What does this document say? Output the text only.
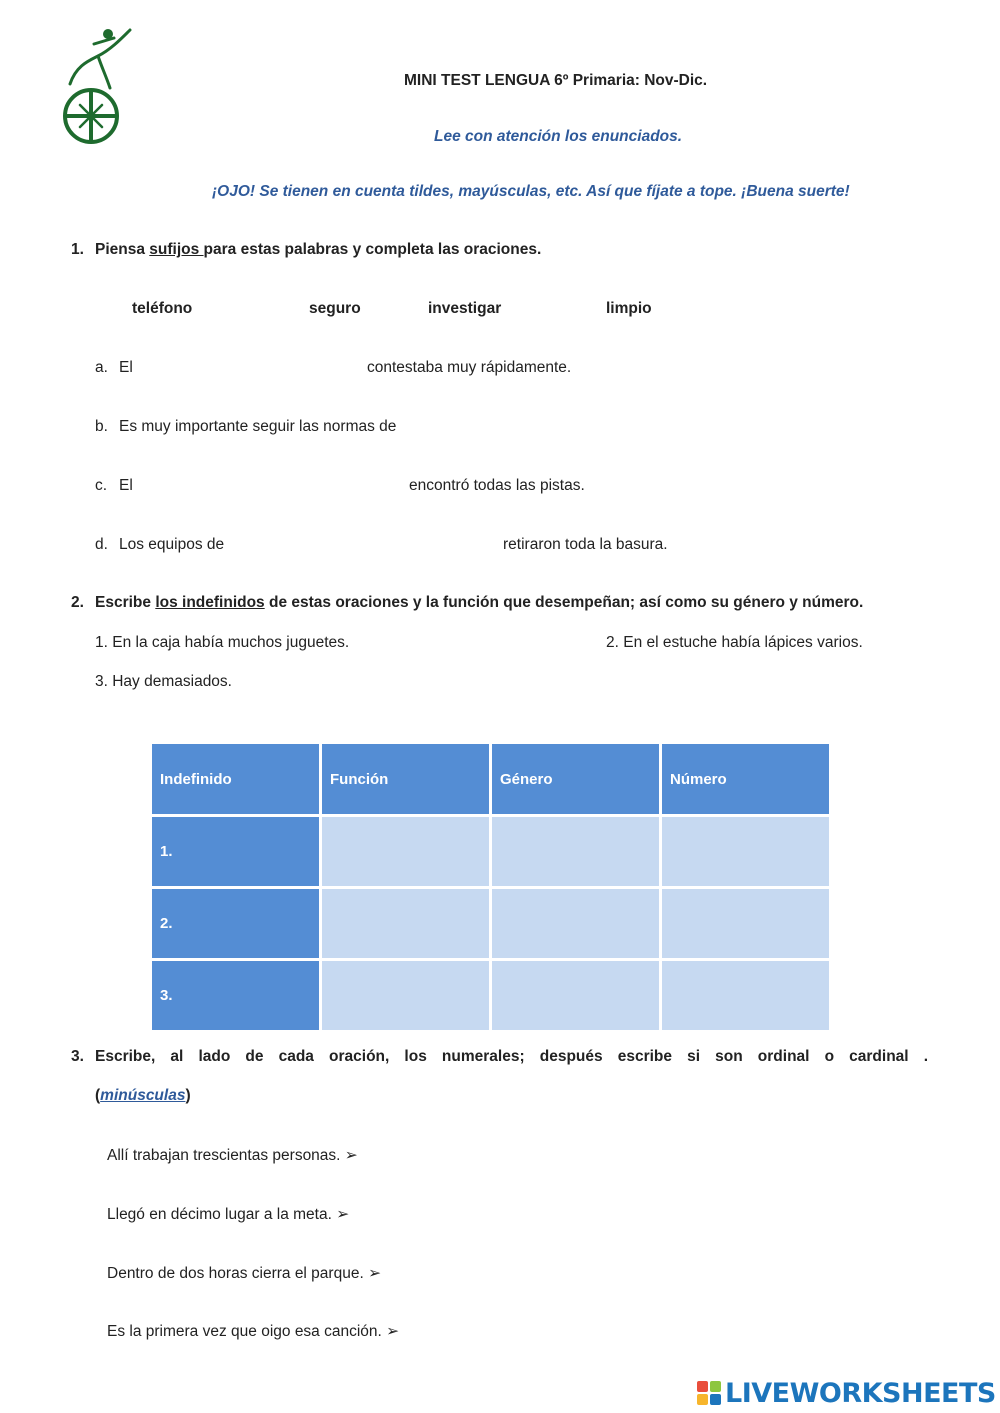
MINI TEST LENGUA 6º Primaria: Nov-Dic.
Lee con atención los enunciados.
¡OJO! Se tienen en cuenta tildes, mayúsculas, etc. Así que fíjate a tope. ¡Buena suerte!
1. Piensa sufijos para estas palabras y completa las oraciones.
teléfono	seguro	investigar	limpio
a. El	contestaba muy rápidamente.
b. Es muy importante seguir las normas de
c. El	encontró todas las pistas.
d. Los equipos de	retiraron toda la basura.
2. Escribe los indefinidos de estas oraciones y la función que desempeñan; así como su género y número.
1. En la caja había muchos juguetes.	2. En el estuche había lápices varios.
3. Hay demasiados.
Indefinido	Función	Género	Número
1.			
2.			
3.			
3. Escribe, al lado de cada oración, los numerales; después escribe si son ordinal o cardinal .
(minúsculas)
Allí trabajan trescientas personas. ➢
Llegó en décimo lugar a la meta. ➢
Dentro de dos horas cierra el parque. ➢
Es la primera vez que oigo esa canción. ➢
LIVEWORKSHEETS
